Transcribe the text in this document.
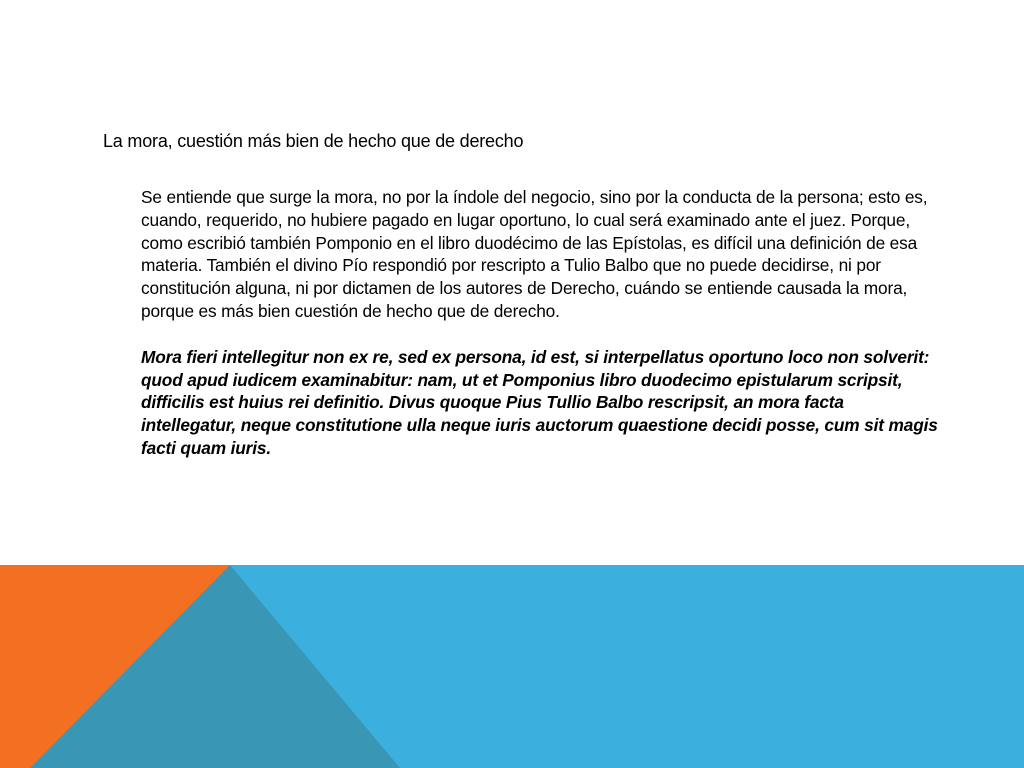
La mora, cuestión más bien de hecho que de derecho

Se entiende que surge la mora, no por la índole del negocio, sino por la conducta de la persona; esto es, cuando, requerido, no hubiere pagado en lugar oportuno, lo cual será examinado ante el juez. Porque, como escribió también Pomponio en el libro duodécimo de las Epístolas, es difícil una definición de esa materia. También el divino Pío respondió por rescripto a Tulio Balbo que no puede decidirse, ni por constitución alguna, ni por dictamen de los autores de Derecho, cuándo se entiende causada la mora, porque es más bien cuestión de hecho que de derecho.

Mora fieri intellegitur non ex re, sed ex persona, id est, si interpellatus oportuno loco non solverit: quod apud iudicem examinabitur: nam, ut et Pomponius libro duodecimo epistularum scripsit, difficilis est huius rei definitio. Divus quoque Pius Tullio Balbo rescripsit, an mora facta intellegatur, neque constitutione ulla neque iuris auctorum quaestione decidi posse, cum sit magis facti quam iuris.
